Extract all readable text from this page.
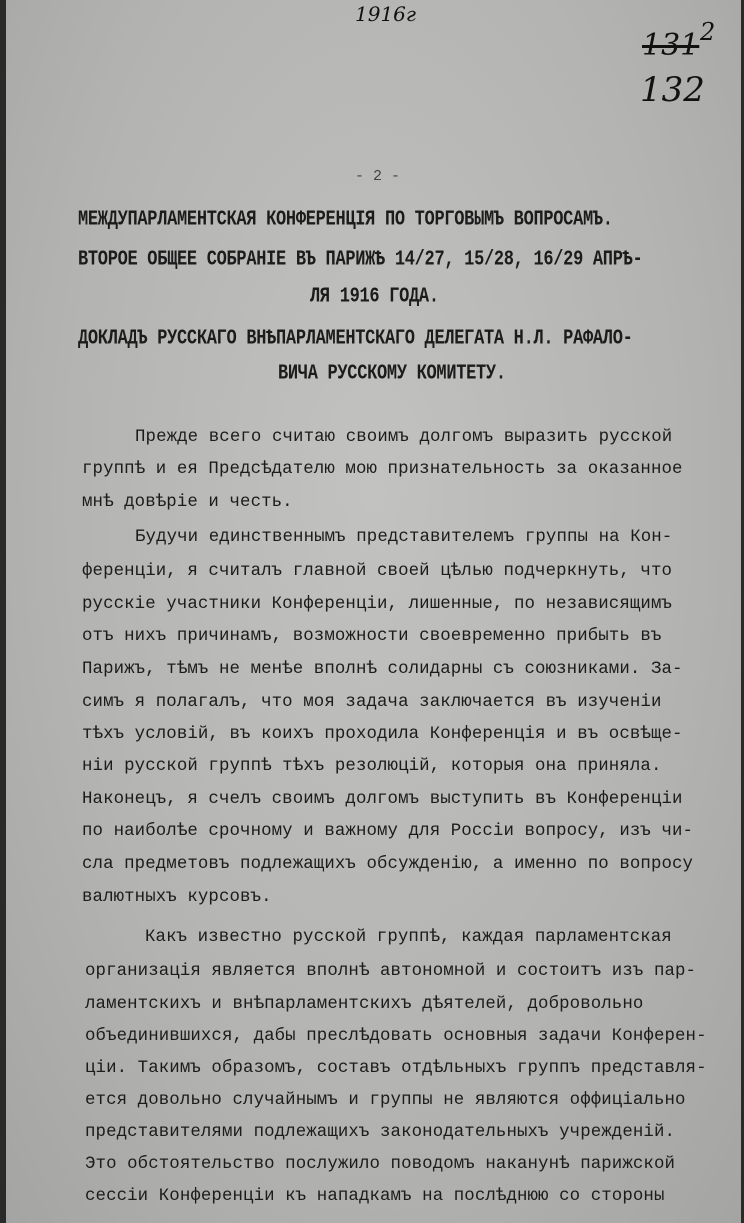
1916г
131 2
132
- 2 -
МЕЖДУПАРЛАМЕНТСКАЯ КОНФЕРЕНЦІЯ ПО ТОРГОВЫМЪ ВОПРОСАМЪ.
ВТОРОЕ ОБЩЕЕ СОБРАНІЕ ВЪ ПАРИЖѢ 14/27, 15/28, 16/29 АПРѢ-
ЛЯ 1916 ГОДА.
ДОКЛАДЪ РУССКАГО ВНѢПАРЛАМЕНТСКАГО ДЕЛЕГАТА Н.Л. РАФАЛО-
ВИЧА РУССКОМУ КОМИТЕТУ.
Прежде всего считаю своимъ долгомъ выразить русской
группѣ и ея Предсѣдателю мою признательность за оказанное
мнѣ довѣріе и честь.
Будучи единственнымъ представителемъ группы на Кон-
ференціи, я считалъ главной своей цѣлью подчеркнуть, что
русскіе участники Конференціи, лишенные, по независящимъ
отъ нихъ причинамъ, возможности своевременно прибыть въ
Парижъ, тѣмъ не менѣе вполнѣ солидарны съ союзниками. За-
симъ я полагалъ, что моя задача заключается въ изученіи
тѣхъ условій, въ коихъ проходила Конференція и въ освѣще-
ніи русской группѣ тѣхъ резолюцій, которыя она приняла.
Наконецъ, я счелъ своимъ долгомъ выступить въ Конференціи
по наиболѣе срочному и важному для Россіи вопросу, изъ чи-
сла предметовъ подлежащихъ обсужденію, а именно по вопросу
валютныхъ курсовъ.
Какъ известно русской группѣ, каждая парламентская
организація является вполнѣ автономной и состоитъ изъ пар-
ламентскихъ и внѣпарламентскихъ дѣятелей, добровольно
объединившихся, дабы преслѣдовать основныя задачи Конферен-
ціи. Такимъ образомъ, составъ отдѣльныхъ группъ представля-
ется довольно случайнымъ и группы не являются оффиціально
представителями подлежащихъ законодательныхъ учрежденій.
Это обстоятельство послужило поводомъ наканунѣ парижской
сессіи Конференціи къ нападкамъ на послѣднюю со стороны
